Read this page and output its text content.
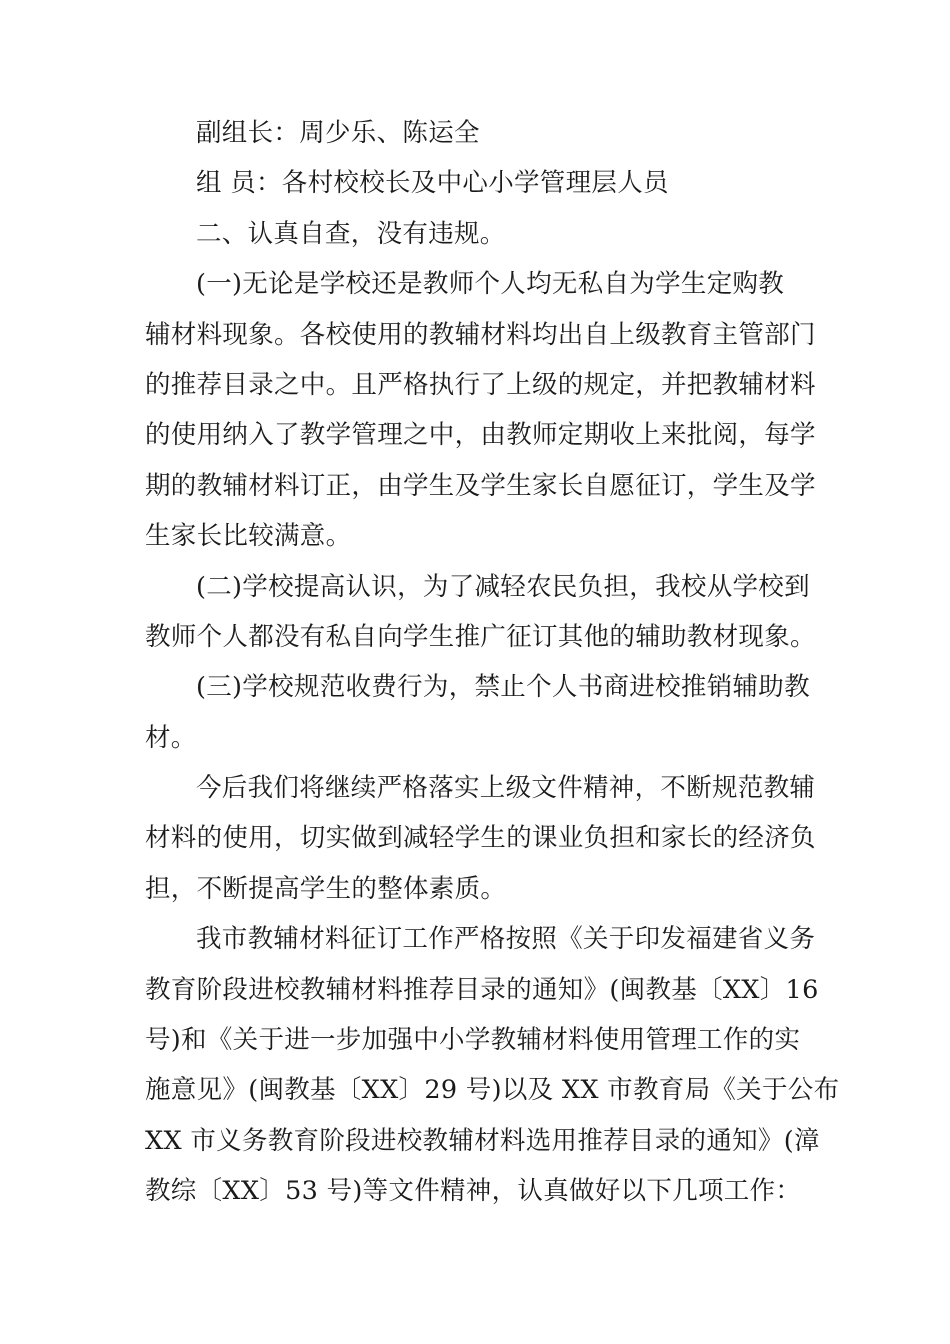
副组长：周少乐、陈运全
组 员：各村校校长及中心小学管理层人员
二、认真自查，没有违规。
(一)无论是学校还是教师个人均无私自为学生定购教
辅材料现象。各校使用的教辅材料均出自上级教育主管部门
的推荐目录之中。且严格执行了上级的规定，并把教辅材料
的使用纳入了教学管理之中，由教师定期收上来批阅，每学
期的教辅材料订正，由学生及学生家长自愿征订，学生及学
生家长比较满意。
(二)学校提高认识，为了减轻农民负担，我校从学校到
教师个人都没有私自向学生推广征订其他的辅助教材现象。
(三)学校规范收费行为，禁止个人书商进校推销辅助教
材。
今后我们将继续严格落实上级文件精神，不断规范教辅
材料的使用，切实做到减轻学生的课业负担和家长的经济负
担，不断提高学生的整体素质。
我市教辅材料征订工作严格按照《关于印发福建省义务
教育阶段进校教辅材料推荐目录的通知》(闽教基〔XX〕16
号)和《关于进一步加强中小学教辅材料使用管理工作的实
施意见》(闽教基〔XX〕29 号)以及 XX 市教育局《关于公布
XX 市义务教育阶段进校教辅材料选用推荐目录的通知》(漳
教综〔XX〕53 号)等文件精神，认真做好以下几项工作：
